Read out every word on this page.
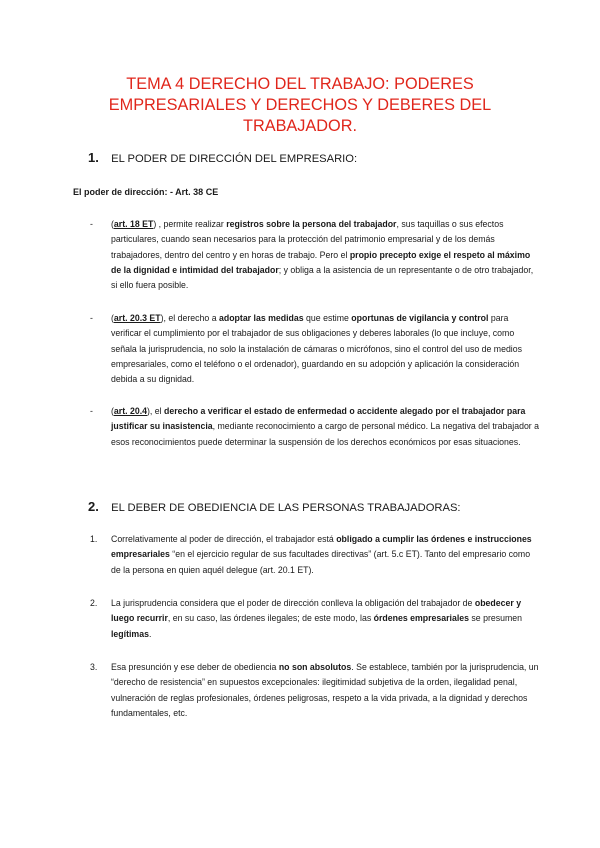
TEMA 4 DERECHO DEL TRABAJO: PODERES EMPRESARIALES Y DERECHOS Y DEBERES DEL TRABAJADOR.
1. EL PODER DE DIRECCIÓN DEL EMPRESARIO:
El poder de dirección: - Art. 38 CE
-	(art. 18 ET) , permite realizar registros sobre la persona del trabajador, sus taquillas o sus efectos particulares, cuando sean necesarios para la protección del patrimonio empresarial y de los demás trabajadores, dentro del centro y en horas de trabajo. Pero el propio precepto exige el respeto al máximo de la dignidad e intimidad del trabajador; y obliga a la asistencia de un representante o de otro trabajador, si ello fuera posible.
-	(art. 20.3 ET), el derecho a adoptar las medidas que estime oportunas de vigilancia y control para verificar el cumplimiento por el trabajador de sus obligaciones y deberes laborales (lo que incluye, como señala la jurisprudencia, no solo la instalación de cámaras o micrófonos, sino el control del uso de medios empresariales, como el teléfono o el ordenador), guardando en su adopción y aplicación la consideración debida a su dignidad.
-	(art. 20.4), el derecho a verificar el estado de enfermedad o accidente alegado por el trabajador para justificar su inasistencia, mediante reconocimiento a cargo de personal médico. La negativa del trabajador a esos reconocimientos puede determinar la suspensión de los derechos económicos por esas situaciones.
2. EL DEBER DE OBEDIENCIA DE LAS PERSONAS TRABAJADORAS:
1.	Correlativamente al poder de dirección, el trabajador está obligado a cumplir las órdenes e instrucciones empresariales “en el ejercicio regular de sus facultades directivas” (art. 5.c ET). Tanto del empresario como de la persona en quien aquél delegue (art. 20.1 ET).
2.	La jurisprudencia considera que el poder de dirección conlleva la obligación del trabajador de obedecer y luego recurrir, en su caso, las órdenes ilegales; de este modo, las órdenes empresariales se presumen legítimas.
3.	Esa presunción y ese deber de obediencia no son absolutos. Se establece, también por la jurisprudencia, un “derecho de resistencia” en supuestos excepcionales: ilegitimidad subjetiva de la orden, ilegalidad penal, vulneración de reglas profesionales, órdenes peligrosas, respeto a la vida privada, a la dignidad y derechos fundamentales, etc.
